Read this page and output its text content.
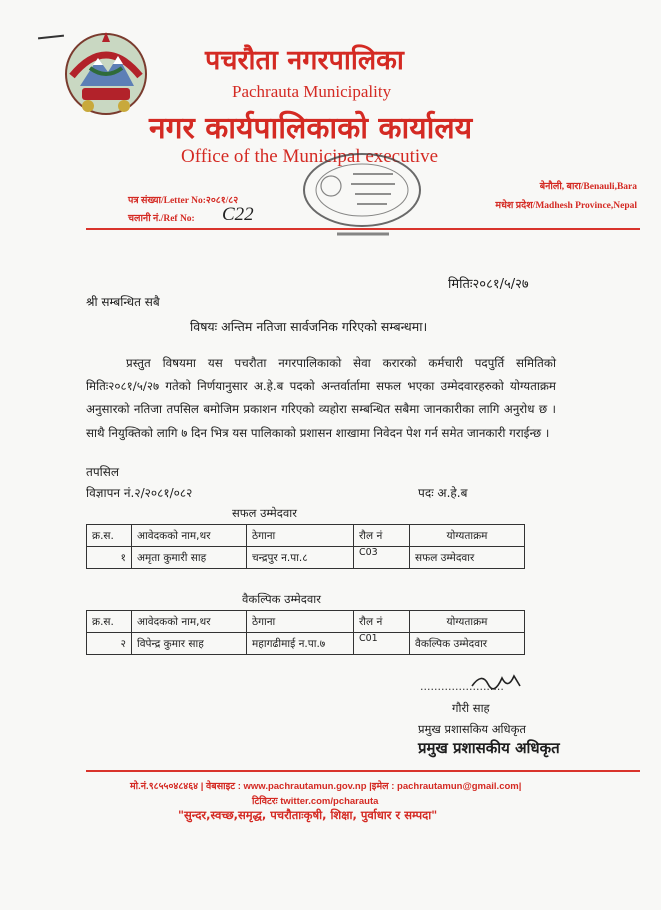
पचरौता नगरपालिका
Pachrauta Municipality
नगर कार्यपालिकाको कार्यालय
Office of the Municipal executive
पत्र संख्या/Letter No:२०८१/८२
चलानी नं./Ref No: C22
बेनौली, बारा/Benauli,Bara
मधेश प्रदेश/Madhesh Province,Nepal
मितिः२०८१/५/२७
श्री सम्बन्धित सबै
विषयः अन्तिम नतिजा सार्वजनिक गरिएको सम्बन्धमा।
प्रस्तुत विषयमा यस पचरौता नगरपालिकाको सेवा करारको कर्मचारी पदपुर्ति समितिको मितिः२०८१/५/२७ गतेको निर्णयानुसार अ.हे.ब पदको अन्तर्वार्तामा सफल भएका उम्मेदवारहरुको योग्यताक्रम अनुसारको नतिजा तपसिल बमोजिम प्रकाशन गरिएको व्यहोरा सम्बन्धित सबैमा जानकारीका लागि अनुरोध छ ।साथै नियुक्तिको लागि ७ दिन भित्र यस पालिकाको प्रशासन शाखामा निवेदन पेश गर्न समेत जानकारी गराईन्छ ।
तपसिल
विज्ञापन नं.२/२०८१/०८२	पदः अ.हे.ब
सफल उम्मेदवार
क्र.स.	आवेदकको नाम,थर	ठेगाना	रौल नं	योग्यताक्रम
१	अमृता कुमारी साह	चन्द्रपुर न.पा.८	C03	सफल उम्मेदवार
वैकल्पिक उम्मेदवार
क्र.स.	आवेदकको नाम,थर	ठेगाना	रौल नं	योग्यताक्रम
२	विपेन्द्र कुमार साह	महागढीमाई न.पा.७	C01	वैकल्पिक उम्मेदवार
........................
गौरी साह
प्रमुख प्रशासकिय अधिकृत
प्रमुख प्रशासकीय अधिकृत
मो.नं.९८५५०४८४६४ | वेबसाइट : www.pachrautamun.gov.np |इमेल : pachrautamun@gmail.com|
टिविटरः twitter.com/pcharauta
"सुन्दर,स्वच्छ,समृद्ध, पचरौताःकृषी, शिक्षा, पुर्वाधार र सम्पदा"
